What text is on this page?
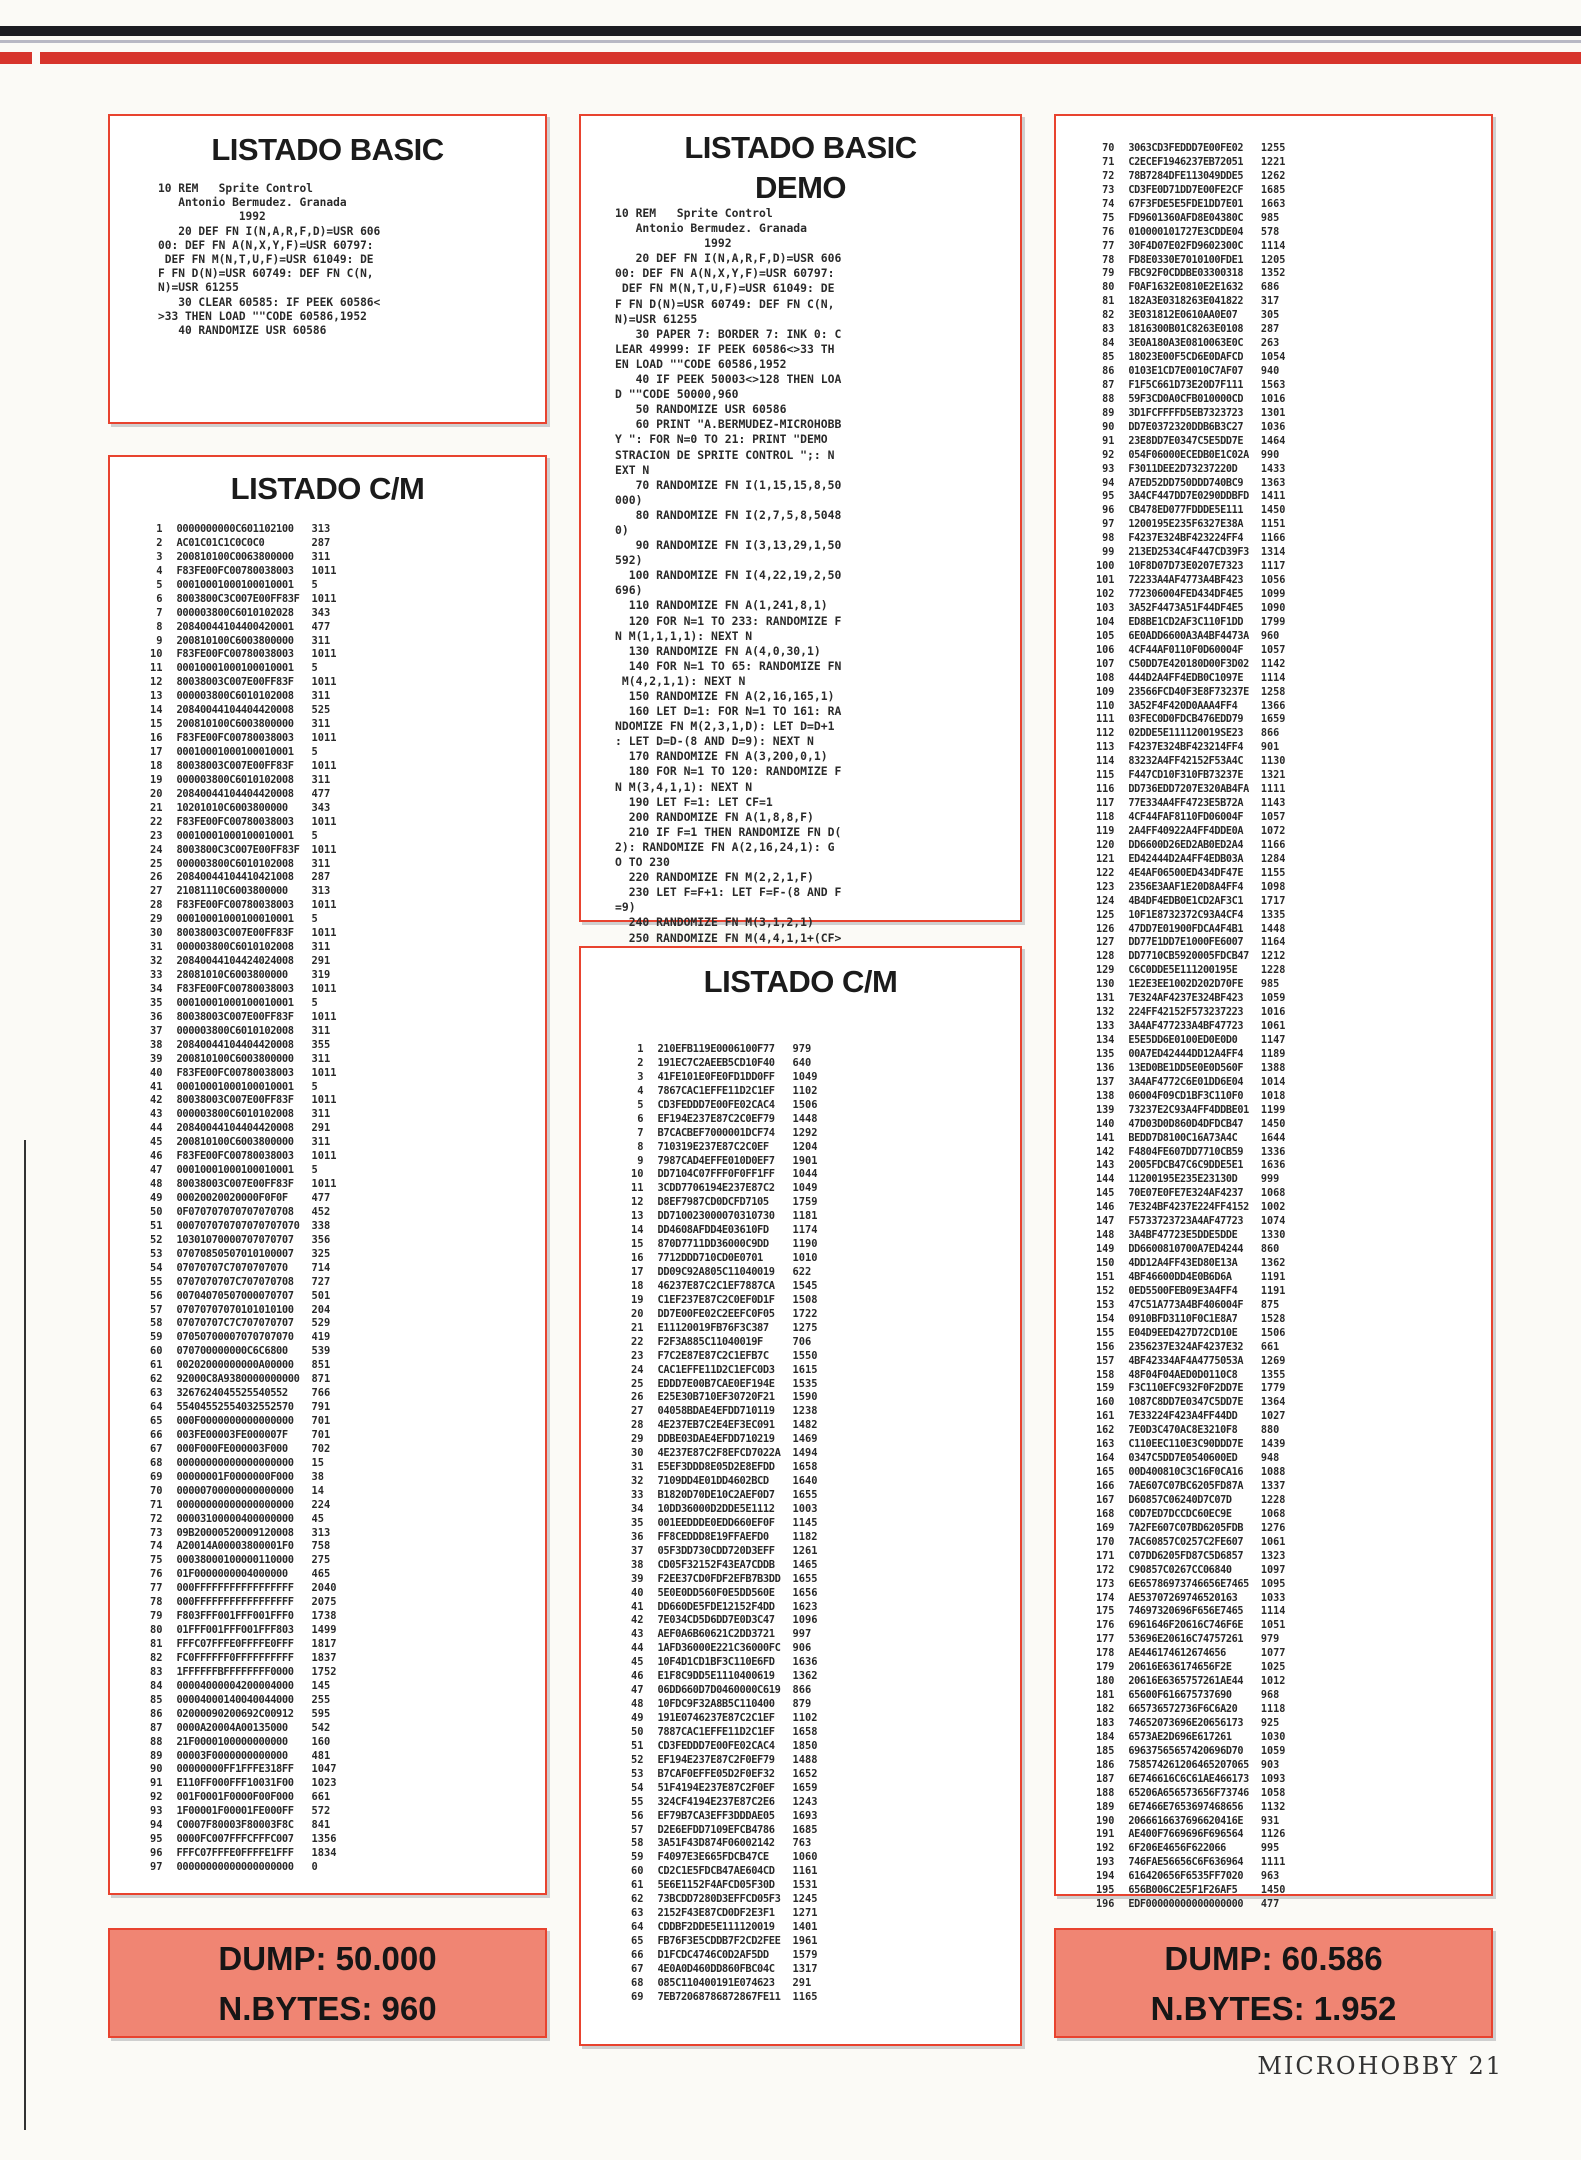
LISTADO BASIC
10 REM   Sprite Control
Antonio Bermudez. Granada
1992
20 DEF FN I(N,A,R,F,D)=USR 606
00: DEF FN A(N,X,Y,F)=USR 60797:
DEF FN M(N,T,U,F)=USR 61049: DE
F FN D(N)=USR 60749: DEF FN C(N,
N)=USR 61255
30 CLEAR 60585: IF PEEK 60586<
>33 THEN LOAD ""CODE 60586,1952
40 RANDOMIZE USR 60586
LISTADO BASIC
DEMO
10 REM   Sprite Control
Antonio Bermudez. Granada
1992
20 DEF FN I(N,A,R,F,D)=USR 606
00: DEF FN A(N,X,Y,F)=USR 60797:
DEF FN M(N,T,U,F)=USR 61049: DE
F FN D(N)=USR 60749: DEF FN C(N,
N)=USR 61255
30 PAPER 7: BORDER 7: INK 0: C
LEAR 49999: IF PEEK 60586<>33 TH
EN LOAD ""CODE 60586,1952
40 IF PEEK 50003<>128 THEN LOA
D ""CODE 50000,960
50 RANDOMIZE USR 60586
60 PRINT "A.BERMUDEZ-MICROHOBB
Y ": FOR N=0 TO 21: PRINT "DEMO
STRACION DE SPRITE CONTROL ";: N
EXT N
70 RANDOMIZE FN I(1,15,15,8,50
000)
80 RANDOMIZE FN I(2,7,5,8,5048
0)
90 RANDOMIZE FN I(3,13,29,1,50
592)
100 RANDOMIZE FN I(4,22,19,2,50
696)
110 RANDOMIZE FN A(1,241,8,1)
120 FOR N=1 TO 233: RANDOMIZE F
N M(1,1,1,1): NEXT N
130 RANDOMIZE FN A(4,0,30,1)
140 FOR N=1 TO 65: RANDOMIZE FN
M(4,2,1,1): NEXT N
150 RANDOMIZE FN A(2,16,165,1)
160 LET D=1: FOR N=1 TO 161: RA
NDOMIZE FN M(2,3,1,D): LET D=D+1
: LET D=D-(8 AND D=9): NEXT N
170 RANDOMIZE FN A(3,200,0,1)
180 FOR N=1 TO 120: RANDOMIZE F
N M(3,4,1,1): NEXT N
190 LET F=1: LET CF=1
200 RANDOMIZE FN A(1,8,8,F)
210 IF F=1 THEN RANDOMIZE FN D(
2): RANDOMIZE FN A(2,16,24,1): G
O TO 230
220 RANDOMIZE FN M(2,2,1,F)
230 LET F=F+1: LET F=F-(8 AND F
=9)
240 RANDOMIZE FN M(3,1,2,1)
250 RANDOMIZE FN M(4,4,1,1+(CF>

LISTADO C/M
1
2
3
4
5
6
7
8
9
10
11
12
13
14
15
16
17
18
19
20
21
22
23
24
25
26
27
28
29
30
31
32
33
34
35
36
37
38
39
40
41
42
43
44
45
46
47
48
49
50
51
52
53
54
55
56
57
58
59
60
61
62
63
64
65
66
67
68
69
70
71
72
73
74
75
76
77
78
79
80
81
82
83
84
85
86
87
88
89
90
91
92
93
94
95
96
97
0000000000C601102100
AC01C01C1C0C0C0
200810100C0063800000
F83FE00FC00780038003
00010001000100010001
8003800C3C007E00FF83F
000003800C6010102028
20840044104400420001
200810100C6003800000
F83FE00FC00780038003
00010001000100010001
80038003C007E00FF83F
000003800C6010102008
20840044104404420008
200810100C6003800000
F83FE00FC00780038003
00010001000100010001
80038003C007E00FF83F
000003800C6010102008
20840044104404420008
10201010C6003800000
F83FE00FC00780038003
00010001000100010001
8003800C3C007E00FF83F
000003800C6010102008
20840044104410421008
21081110C6003800000
F83FE00FC00780038003
00010001000100010001
80038003C007E00FF83F
000003800C6010102008
20840044104424024008
28081010C6003800000
F83FE00FC00780038003
00010001000100010001
80038003C007E00FF83F
000003800C6010102008
20840044104404420008
200810100C6003800000
F83FE00FC00780038003
00010001000100010001
80038003C007E00FF83F
000003800C6010102008
20840044104404420008
200810100C6003800000
F83FE00FC00780038003
00010001000100010001
80038003C007E00FF83F
00020020020000F0F0F
0F070707070707070708
000707070707070707070
10301070000707070707
07070850507010100007
07070707C7070707070
0707070707C707070708
00704070507000070707
07070707070101010100
07070707C7C707070707
07050700007070707070
070700000000C6C6800
00202000000000A00000
92000C8A9380000000000
3267624045525540552
55404552554032552570
000F0000000000000000
003FE00003FE000007F
000F000FE000003F000
00000000000000000000
00000001F0000000F000
00000700000000000000
00000000000000000000
00003100000400000000
09B20000520009120008
A20014A00003800001F0
00038000100000110000
01F0000000004000000
000FFFFFFFFFFFFFFFFF
000FFFFFFFFFFFFFFFFF
F803FFF001FFF001FFF0
01FFF001FFF001FFF803
FFFC07FFFE0FFFFE0FFF
FC0FFFFFF0FFFFFFFFFF
1FFFFFFBFFFFFFFF0000
00004000004200004000
00004000140040044000
02000090200692C00912
0000A20004A00135000
21F0000100000000000
00003F0000000000000
00000000FF1FFFE318FF
E110FF000FFF10031F00
001F0001F0000F00F000
1F00001F00001FE000FF
C0007F80003F80003F8C
0000FC007FFFCFFFC007
FFFC07FFFE0FFFFE1FFF
00000000000000000000
313
287
311
1011
5
1011
343
477
311
1011
5
1011
311
525
311
1011
5
1011
311
477
343
1011
5
1011
311
287
313
1011
5
1011
311
291
319
1011
5
1011
311
355
311
1011
5
1011
311
291
311
1011
5
1011
477
452
338
356
325
714
727
501
204
529
419
539
851
871
766
791
701
701
702
15
38
14
224
45
313
758
275
465
2040
2075
1738
1499
1817
1837
1752
145
255
595
542
160
481
1047
1023
661
572
841
1356
1834
0
LISTADO C/M
1
2
3
4
5
6
7
8
9
10
11
12
13
14
15
16
17
18
19
20
21
22
23
24
25
26
27
28
29
30
31
32
33
34
35
36
37
38
39
40
41
42
43
44
45
46
47
48
49
50
51
52
53
54
55
56
57
58
59
60
61
62
63
64
65
66
67
68
69
210EFB119E0006100F77
191EC7C2AEEB5CD10F40
41FE101E0FE0FD1DD0FF
7867CAC1EFFE11D2C1EF
CD3FEDDD7E00FE02CAC4
EF194E237E87C2C0EF79
B7CACBEF7000001DCF74
710319E237E87C2C0EF
7987CAD4EFFE010D0EF7
DD7104C07FFF0F0FF1FF
3CDD7706194E237E87C2
D8EF7987CD0DCFD7105
DD710023000070310730
DD4608AFDD4E03610FD
870D7711DD36000C9DD
7712DDD710CD0E0701
DD09C92A805C11040019
46237E87C2C1EF7887CA
C1EF237E87C2C0EF0D1F
DD7E00FE02C2EEFC0F05
E11120019FB76F3C387
F2F3A885C11040019F
F7C2E87E87C2C1EFB7C
CAC1EFFE11D2C1EFC0D3
EDDD7E00B7CAE0EF194E
E25E30B710EF30720F21
04058BDAE4EFDD710119
4E237EB7C2E4EF3EC091
DDBE03DAE4EFDD710219
4E237E87C2F8EFCD7022A
E5EF3DDD8E05D2E8EFDD
7109DD4E01DD4602BCD
B1820D70DE10C2AEF0D7
10DD36000D2DDE5E1112
001EEDDDE0EDD660EF0F
FF8CEDDD8E19FFAEFD0
05F3DD730CDD720D3EFF
CD05F32152F43EA7CDDB
F2EE37CD0FDF2EFB7B3DD
5E0E0DD560F0E5DD560E
DD660DE5FDE12152F4DD
7E034CD5D6DD7E0D3C47
AEF0A6B60621C2DD3721
1AFD36000E221C36000FC
10F4D1CD1BF3C110E6FD
E1F8C9DD5E1110400619
06DD660D7D0460000C619
10FDC9F32A8B5C110400
191E0746237E87C2C1EF
7887CAC1EFFE11D2C1EF
CD3FEDDD7E00FE02CAC4
EF194E237E87C2F0EF79
B7CAF0EFFE05D2F0EF32
51F4194E237E87C2F0EF
324CF4194E237E87C2E6
EF79B7CA3EFF3DDDAE05
D2E6EFDD7109EFCB4786
3A51F43D874F06002142
F4097E3E665FDCB47CE
CD2C1E5FDCB47AE604CD
5E6E1152F4AFCD05F30D
73BCDD7280D3EFFCD05F3
2152F43E87CD0DF2E3F1
CDDBF2DDE5E111120019
FB76F3E5CDDB7F2CD2FEE
D1FCDC4746C0D2AF5DD
4E0A0D460DD860FBC04C
085C110400191E074623
7EB72068786872867FE11
979
640
1049
1102
1506
1448
1292
1204
1901
1044
1049
1759
1181
1174
1190
1010
622
1545
1508
1722
1275
706
1550
1615
1535
1590
1238
1482
1469
1494
1658
1640
1655
1003
1145
1182
1261
1465
1655
1656
1623
1096
997
906
1636
1362
866
879
1102
1658
1850
1488
1652
1659
1243
1693
1685
763
1060
1161
1531
1245
1271
1401
1961
1579
1317
291
1165
70
71
72
73
74
75
76
77
78
79
80
81
82
83
84
85
86
87
88
89
90
91
92
93
94
95
96
97
98
99
100
101
102
103
104
105
106
107
108
109
110
111
112
113
114
115
116
117
118
119
120
121
122
123
124
125
126
127
128
129
130
131
132
133
134
135
136
137
138
139
140
141
142
143
144
145
146
147
148
149
150
151
152
153
154
155
156
157
158
159
160
161
162
163
164
165
166
167
168
169
170
171
172
173
174
175
176
177
178
179
180
181
182
183
184
185
186
187
188
189
190
191
192
193
194
195
196
3063CD3FEDDD7E00FE02
C2ECEF1946237EB72051
78B7284DFE113049DDE5
CD3FE0D71DD7E00FE2CF
67F3FDE5E5FDE1DD7E01
FD9601360AFD8E04380C
010000101727E3CDDE04
30F4D07E02FD9602300C
FD8E0330E7010100FDE1
FBC92F0CDDBE03300318
F0AF1632E0810E2E1632
182A3E0318263E041822
3E031812E0610AA0E07
1816300B01C8263E0108
3E0A180A3E0810063E0C
18023E00F5CD6E0DAFCD
0103E1CD7E0010C7AF07
F1F5C661D73E20D7F111
59F3CD0A0CFB010000CD
3D1FCFFFFD5EB7323723
DD7E0372320DDB6B3C27
23E8DD7E0347C5E5DD7E
054F06000ECEDB0E1C02A
F3011DEE2D73237220D
A7ED52DD750DDD740BC9
3A4CF447DD7E0290DDBFD
CB478ED077FDDDE5E111
1200195E235F6327E38A
F4237E324BF423224FF4
213ED2534C4F447CD39F3
10F8D07D73E0207E7323
72233A4AF4773A4BF423
772306004FED434DF4E5
3A52F4473A51F44DF4E5
ED8BE1CD2AF3C110F1DD
6E0ADD6600A3A4BF4473A
4CF44AF0110F0D60004F
C50DD7E420180D00F3D02
444D2A4FF4EDB0C1097E
23566FCD40F3E8F73237E
3A52F4F420D0AAA4FF4
03FEC0D0FDCB476EDD79
02DDE5E111120019SE23
F4237E324BF423214FF4
83232A4FF42152F53A4C
F447CD10F310FB73237E
DD736EDD7207E320AB4FA
77E334A4FF4723E5B72A
4CF44FAF8110FD06004F
2A4FF40922A4FF4DDE0A
DD6600D26ED2AB0ED2A4
ED42444D2A4FF4EDB03A
4E4AF06500ED434DF47E
2356E3AAF1E20D8A4FF4
4B4DF4EDB0E1CD2AF3C1
10F1E8732372C93A4CF4
47DD7E01900FDCA4F4B1
DD77E1DD7E1000FE6007
DD7710CB5920005FDCB47
C6C0DDE5E111200195E
1E2E3EE1002D202D70FE
7E324AF4237E324BF423
224FF42152F573237223
3A4AF477233A4BF47723
E5E5DD6E0100ED0E0D0
00A7ED42444DD12A4FF4
13ED0BE1DD5E0E0D560F
3A4AF4772C6E01DD6E04
06004F09CD1BF3C110F0
73237E2C93A4FF4DDBE01
47D03D0D860D4DFDCB47
BEDD7D8100C16A73A4C
F4804FE607DD7710CB59
2005FDCB47C6C9DDE5E1
11200195E235E23130D
70E07E0FE7E324AF4237
7E324BF4237E224FF4152
F5733723723A4AF47723
3A4BF47723E5DDE5DDE
DD6600810700A7ED4244
4DD12A4FF43ED80E13A
4BF46600DD4E0B6D6A
0ED5500FEB09E3A4FF4
47C51A773A4BF406004F
0910BFD3110F0C1E8A7
E04D9EED427D72CD10E
2356237E324AF4237E32
4BF42334AF4A4775053A
48F04F04AED0D0110C8
F3C110EFC932F0F2DD7E
1087C8DD7E0347C5DD7E
7E33224F423A4FF44DD
7E0D3C470AC8E3210F8
C110EEC110E3C90DDD7E
0347C5DD7E0540600ED
00D400810C3C16F0CA16
7AE607C07BC6205FD87A
D60857C06240D7C07D
C0D7ED7DCCDC60EC9E
7A2FE607C07BD6205FDB
7AC60857C0257C2FE607
C07DD6205FD87C5D6857
C90857C0267CC06840
6E65786973746656E7465
AE53707269746520163
74697320696F656E7465
6961646F20616C746F6E
53696E20616C74757261
AE446174612674656
20616E636174656F2E
20616E6365757261AE44
65600F616675737690
665736572736F6C6A20
74652073696E20656173
6573AE2D696E617261
69637565657420696D70
758574261206465207065
6E746616C6C61AE466173
65206A656573656F73746
6E7466E7653697468656
2066616637696620416E
AE400F7669696F696564
6F206E4656F622066
746FAE56656C6F636964
616420656F6535FF7020
656B006C2E5F1F26AF5
EDF00000000000000000
1255
1221
1262
1685
1663
985
578
1114
1205
1352
686
317
305
287
263
1054
940
1563
1016
1301
1036
1464
990
1433
1363
1411
1450
1151
1166
1314
1117
1056
1099
1090
1799
960
1057
1142
1114
1258
1366
1659
866
901
1130
1321
1111
1143
1057
1072
1166
1284
1155
1098
1717
1335
1448
1164
1212
1228
985
1059
1016
1061
1147
1189
1388
1014
1018
1199
1450
1644
1336
1636
999
1068
1002
1074
1330
860
1362
1191
1191
875
1528
1506
661
1269
1355
1779
1364
1027
880
1439
948
1088
1337
1228
1068
1276
1061
1323
1097
1095
1033
1114
1051
979
1077
1025
1012
968
1118
925
1030
1059
903
1093
1058
1132
931
1126
995
1111
963
1450
477
DUMP: 50.000
N.BYTES: 960
DUMP: 60.586
N.BYTES: 1.952
MICROHOBBY 21
